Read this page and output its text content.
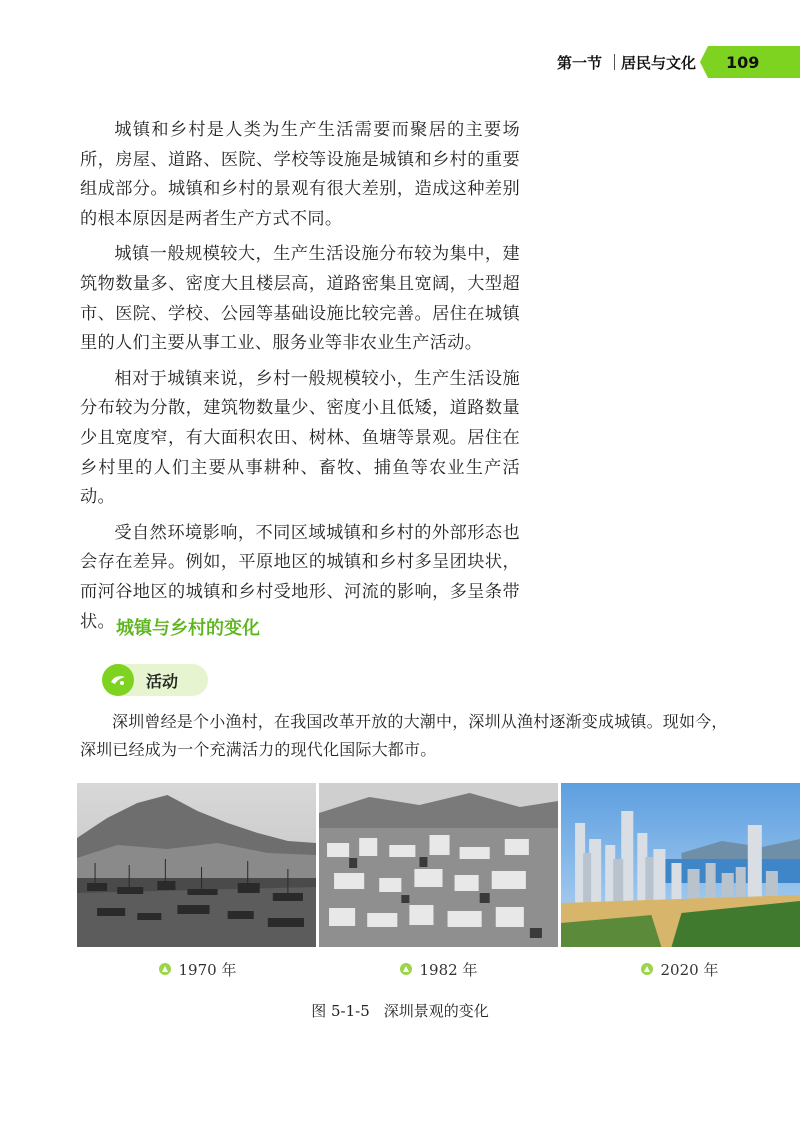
第一节 居民与文化 109

城镇和乡村是人类为生产生活需要而聚居的主要场所，房屋、道路、医院、学校等设施是城镇和乡村的重要组成部分。城镇和乡村的景观有很大差别，造成这种差别的根本原因是两者生产方式不同。

城镇一般规模较大，生产生活设施分布较为集中，建筑物数量多、密度大且楼层高，道路密集且宽阔，大型超市、医院、学校、公园等基础设施比较完善。居住在城镇里的人们主要从事工业、服务业等非农业生产活动。

相对于城镇来说，乡村一般规模较小，生产生活设施分布较为分散，建筑物数量少、密度小且低矮，道路数量少且宽度窄，有大面积农田、树林、鱼塘等景观。居住在乡村里的人们主要从事耕种、畜牧、捕鱼等农业生产活动。

受自然环境影响，不同区域城镇和乡村的外部形态也会存在差异。例如，平原地区的城镇和乡村多呈团块状，而河谷地区的城镇和乡村受地形、河流的影响，多呈条带状。 城镇与乡村的变化
活动

深圳曾经是个小渔村，在我国改革开放的大潮中，深圳从渔村逐渐变成城镇。现如今，深圳已经成为一个充满活力的现代化国际大都市。

1970 年	1982 年	2020 年
图 5-1-5 深圳景观的变化
